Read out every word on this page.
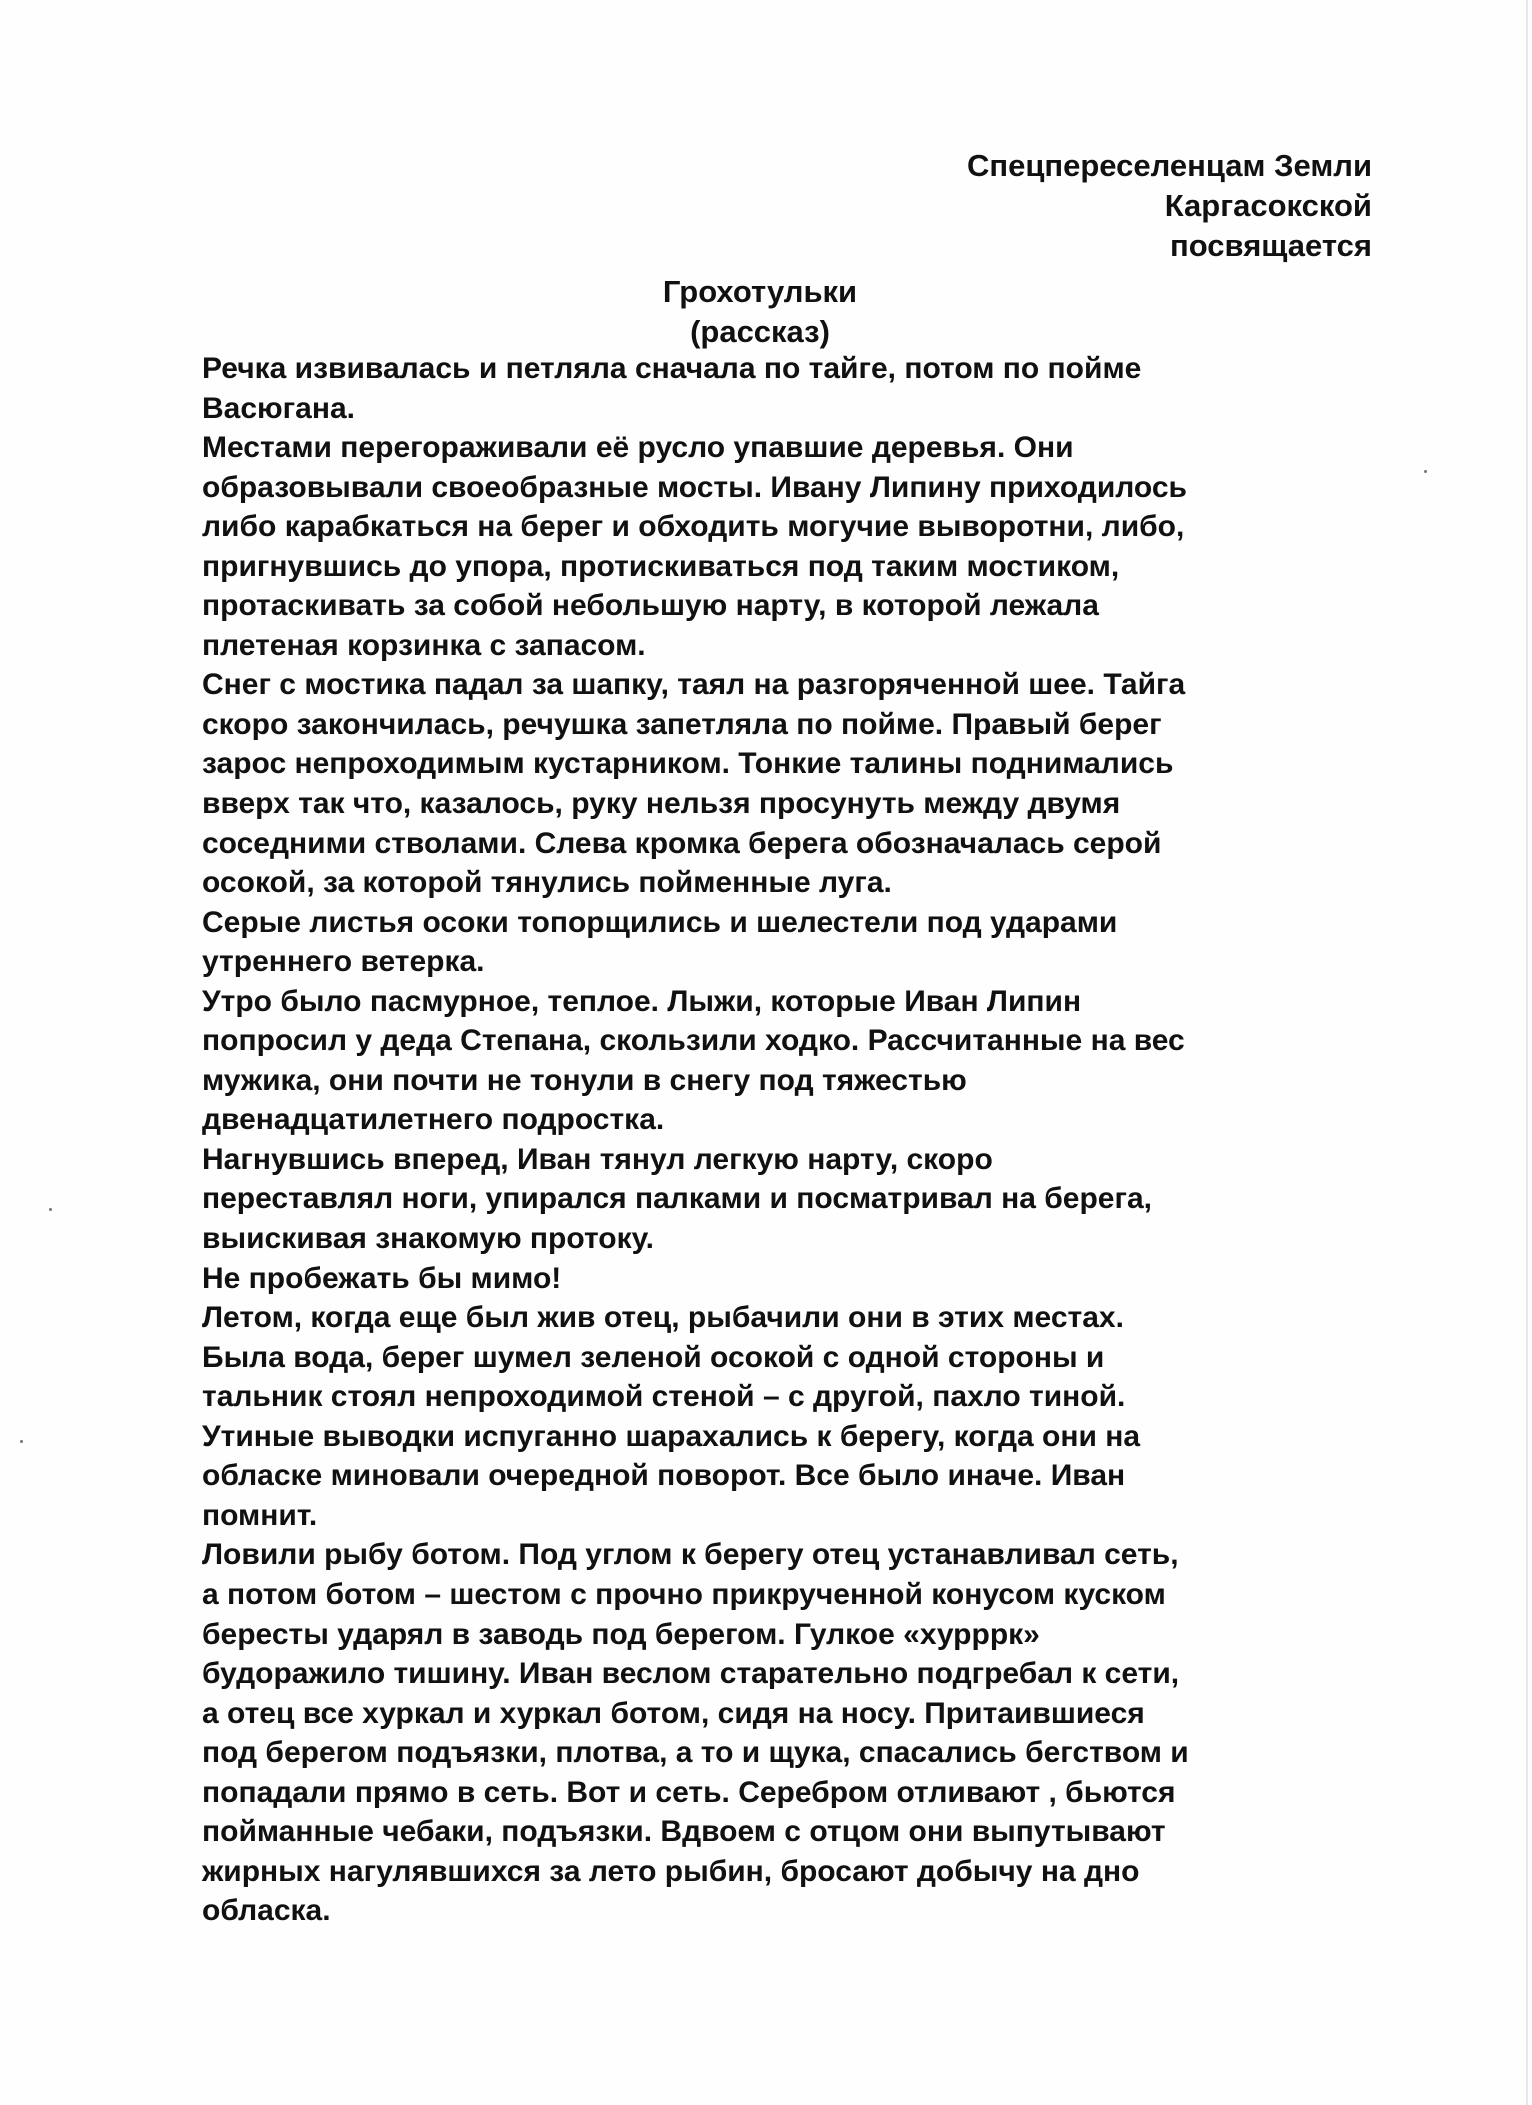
Спецпереселенцам Земли
Каргасокской
посвящается
Грохотульки
(рассказ)
Речка извивалась и петляла сначала по тайге, потом по пойме
Васюгана.
Местами перегораживали её русло упавшие деревья. Они
образовывали своеобразные мосты. Ивану Липину приходилось
либо карабкаться на берег и обходить могучие выворотни, либо,
пригнувшись до упора, протискиваться под таким мостиком,
протаскивать за собой небольшую нарту, в которой лежала
плетеная корзинка с запасом.
Снег с мостика падал за шапку, таял на разгоряченной шее. Тайга
скоро закончилась, речушка запетляла по пойме. Правый берег
зарос непроходимым кустарником. Тонкие талины поднимались
вверх так что, казалось, руку нельзя просунуть между двумя
соседними стволами. Слева кромка берега обозначалась серой
осокой, за которой тянулись пойменные луга.
Серые листья осоки топорщились и шелестели под ударами
утреннего ветерка.
Утро было пасмурное, теплое. Лыжи, которые Иван Липин
попросил у деда Степана, скользили ходко. Рассчитанные на вес
мужика, они почти не тонули в снегу под тяжестью
двенадцатилетнего подростка.
Нагнувшись вперед, Иван тянул легкую нарту, скоро
переставлял ноги, упирался палками и посматривал на берега,
выискивая знакомую протоку.
Не пробежать бы мимо!
Летом, когда еще был жив отец, рыбачили они в этих местах.
Была вода, берег шумел зеленой осокой с одной стороны и
тальник стоял непроходимой стеной – с другой, пахло тиной.
Утиные выводки испуганно шарахались к берегу, когда они на
обласке миновали очередной поворот. Все было иначе. Иван
помнит.
Ловили рыбу ботом. Под углом к берегу отец устанавливал сеть,
а потом ботом – шестом с прочно прикрученной конусом куском
бересты ударял в заводь под берегом. Гулкое «хурррк»
будоражило тишину. Иван веслом старательно подгребал к сети,
а отец все хуркал и хуркал ботом, сидя на носу. Притаившиеся
под берегом подъязки, плотва, а то и щука, спасались бегством и
попадали прямо в сеть. Вот и сеть. Серебром отливают , бьются
пойманные чебаки, подъязки. Вдвоем с отцом они выпутывают
жирных нагулявшихся за лето рыбин, бросают добычу на дно
обласка.
